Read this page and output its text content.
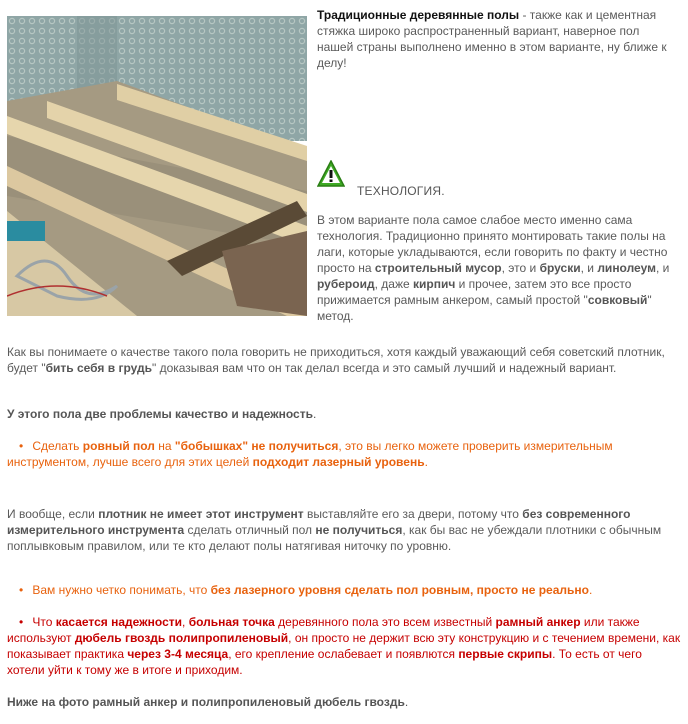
Традиционные деревянные полы - также как и цементная стяжка широко распространенный вариант, наверное пол нашей страны выполнено именно в этом варианте, ну ближе к делу!

ТЕХНОЛОГИЯ.

В этом варианте пола самое слабое место именно сама технология. Традиционно принято монтировать такие полы на лаги, которые укладываются, если говорить по факту и честно просто на строительный мусор, это и бруски, и линолеум, и рубероид, даже кирпич и прочее, затем это все просто прижимается рамным анкером, самый простой "совковый" метод.

Как вы понимаете о качестве такого пола говорить не приходиться, хотя каждый уважающий себя советский плотник, будет "бить себя в грудь" доказывая вам что он так делал всегда и это самый лучший и надежный вариант.

У этого пола две проблемы качество и надежность.

• Сделать ровный пол на "бобышках" не получиться, это вы легко можете проверить измерительным инструментом, лучше всего для этих целей подходит лазерный уровень.

И вообще, если плотник не имеет этот инструмент выставляйте его за двери, потому что без современного измерительного инструмента сделать отличный пол не получиться, как бы вас не убеждали плотники с обычным поплывковым правилом, или те кто делают полы натягивая ниточку по уровню.

• Вам нужно четко понимать, что без лазерного уровня сделать пол ровным, просто не реально.

• Что касается надежности, больная точка деревянного пола это всем известный рамный анкер или также используют дюбель гвоздь полипропиленовый, он просто не держит всю эту конструкцию и с течением времени, как показывает практика через 3-4 месяца, его крепление ослабевает и появлются первые скрипы. То есть от чего хотели уйти к тому же в итоге и приходим.

Ниже на фото рамный анкер и полипропиленовый дюбель гвоздь.
